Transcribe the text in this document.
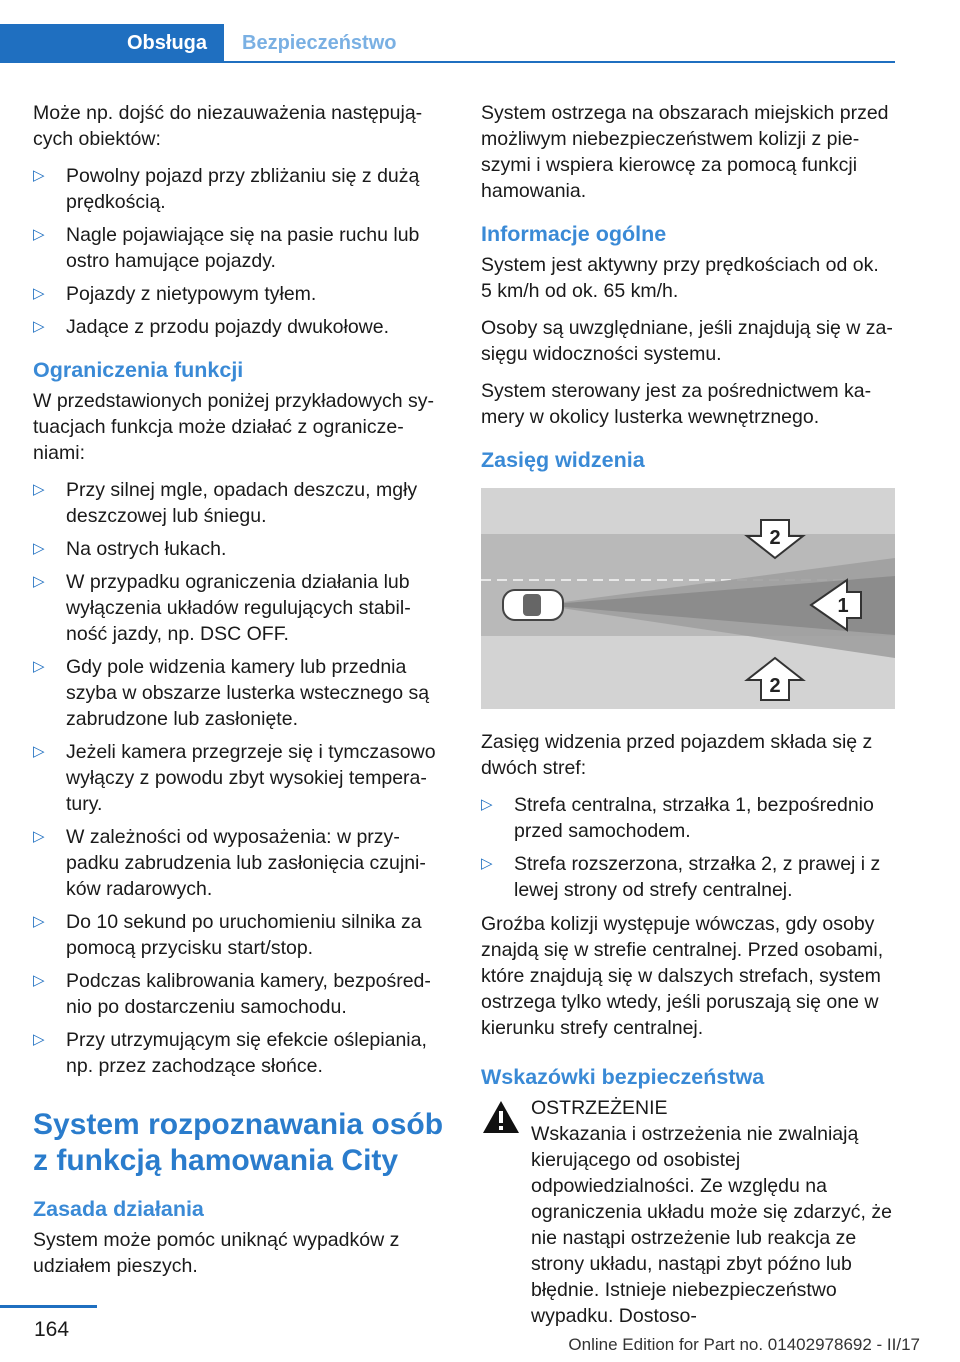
Obsługa	Bezpieczeństwo

Może np. dojść do niezauważenia następujących obiektów:

▷ Powolny pojazd przy zbliżaniu się z dużą prędkością.
▷ Nagle pojawiające się na pasie ruchu lub ostro hamujące pojazdy.
▷ Pojazdy z nietypowym tyłem.
▷ Jadące z przodu pojazdy dwukołowe.
Ograniczenia funkcji

W przedstawionych poniżej przykładowych sytuacjach funkcja może działać z ograniczeniami:

▷ Przy silnej mgle, opadach deszczu, mgły deszczowej lub śniegu.
▷ Na ostrych łukach.
▷ W przypadku ograniczenia działania lub wyłączenia układów regulujących stabilność jazdy, np. DSC OFF.
▷ Gdy pole widzenia kamery lub przednia szyba w obszarze lusterka wstecznego są zabrudzone lub zasłonięte.
▷ Jeżeli kamera przegrzeje się i tymczasowo wyłączy z powodu zbyt wysokiej temperatury.
▷ W zależności od wyposażenia: w przypadku zabrudzenia lub zasłonięcia czujników radarowych.
▷ Do 10 sekund po uruchomieniu silnika za pomocą przycisku start/stop.
▷ Podczas kalibrowania kamery, bezpośrednio po dostarczeniu samochodu.
▷ Przy utrzymującym się efekcie oślepiania, np. przez zachodzące słońce.
System rozpoznawania osób z funkcją hamowania City
Zasada działania

System może pomóc uniknąć wypadków z udziałem pieszych.

System ostrzega na obszarach miejskich przed możliwym niebezpieczeństwem kolizji z pieszymi i wspiera kierowcę za pomocą funkcji hamowania.

Informacje ogólne

System jest aktywny przy prędkościach od ok. 5 km/h od ok. 65 km/h.

Osoby są uwzględniane, jeśli znajdują się w zasięgu widoczności systemu.

System sterowany jest za pośrednictwem kamery w okolicy lusterka wewnętrznego.

Zasięg widzenia
2
1
2

Zasięg widzenia przed pojazdem składa się z dwóch stref:

▷ Strefa centralna, strzałka 1, bezpośrednio przed samochodem.
▷ Strefa rozszerzona, strzałka 2, z prawej i z lewej strony od strefy centralnej.

Groźba kolizji występuje wówczas, gdy osoby znajdą się w strefie centralnej. Przed osobami, które znajdują się w dalszych strefach, system ostrzega tylko wtedy, jeśli poruszają się one w kierunku strefy centralnej.

Wskazówki bezpieczeństwa
OSTRZEŻENIE
Wskazania i ostrzeżenia nie zwalniają kierującego od osobistej odpowiedzialności. Ze względu na ograniczenia układu może się zdarzyć, że nie nastąpi ostrzeżenie lub reakcja ze strony układu, nastąpi zbyt późno lub błędnie. Istnieje niebezpieczeństwo wypadku. Dostoso-
164
Online Edition for Part no. 01402978692 - II/17
